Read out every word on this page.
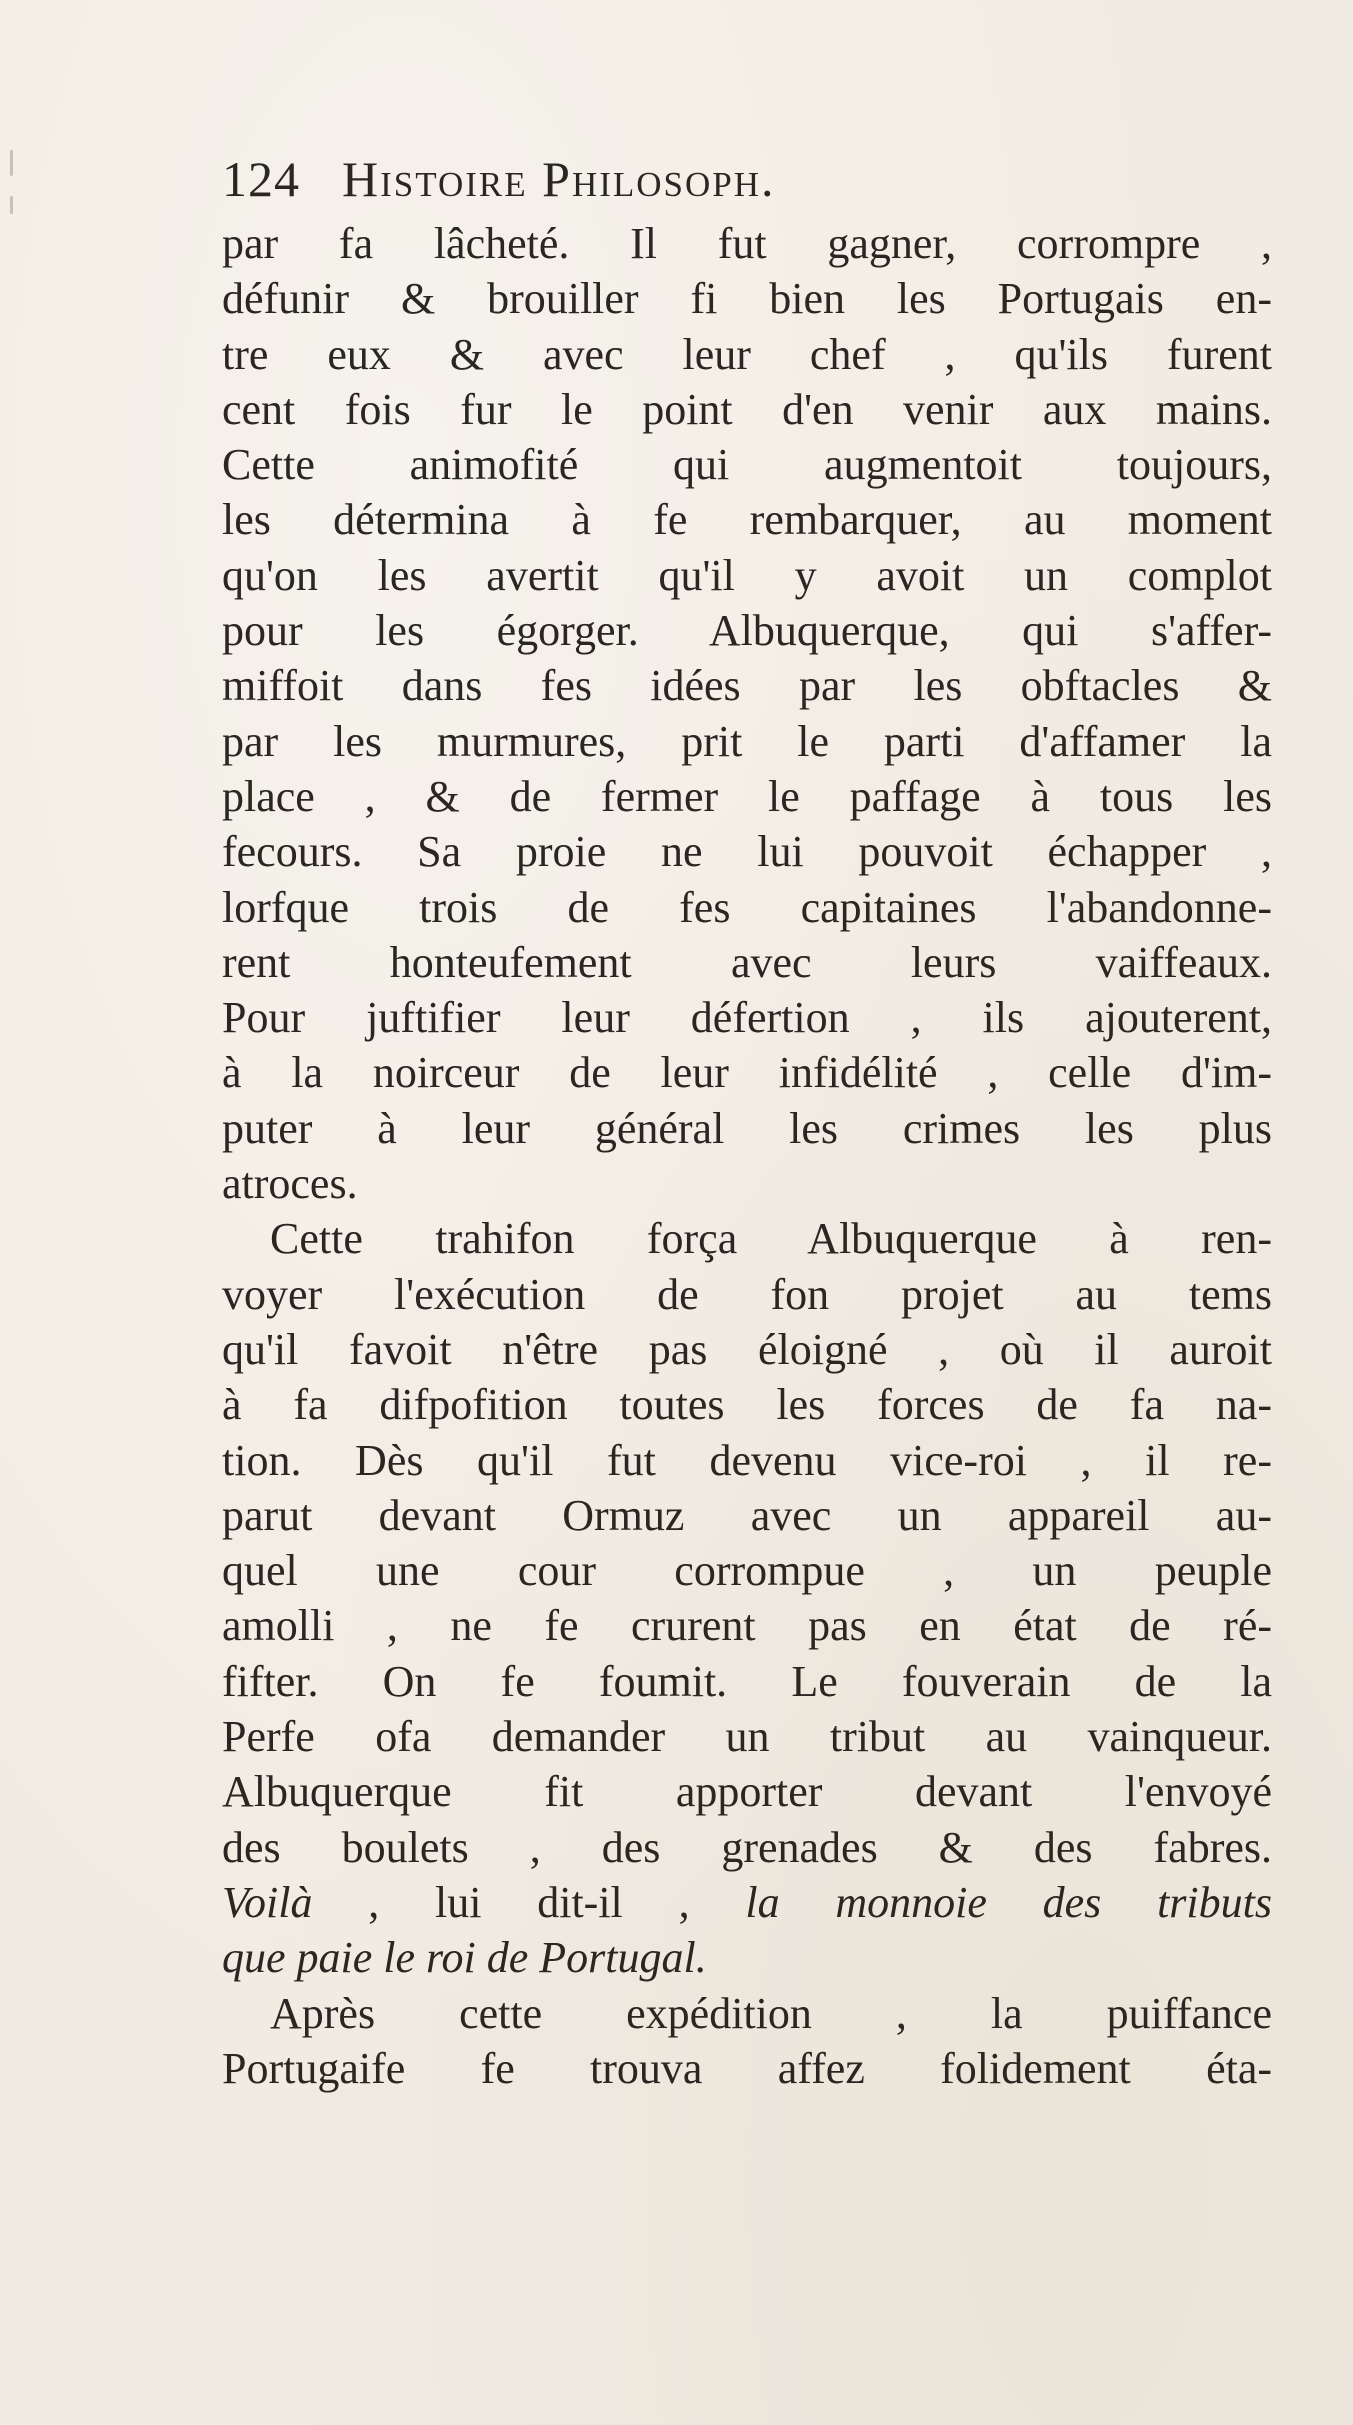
124 Histoire Philosoph.
par fa lâcheté. Il fut gagner, corrompre ,
défunir & brouiller fi bien les Portugais en-
tre eux & avec leur chef , qu'ils furent
cent fois fur le point d'en venir aux mains.
Cette animofité qui augmentoit toujours,
les détermina à fe rembarquer, au moment
qu'on les avertit qu'il y avoit un complot
pour les égorger. Albuquerque, qui s'affer-
miffoit dans fes idées par les obftacles &
par les murmures, prit le parti d'affamer la
place , & de fermer le paffage à tous les
fecours. Sa proie ne lui pouvoit échapper ,
lorfque trois de fes capitaines l'abandonne-
rent honteufement avec leurs vaiffeaux.
Pour juftifier leur défertion , ils ajouterent,
à la noirceur de leur infidélité , celle d'im-
puter à leur général les crimes les plus
atroces.
Cette trahifon força Albuquerque à ren-
voyer l'exécution de fon projet au tems
qu'il favoit n'être pas éloigné , où il auroit
à fa difpofition toutes les forces de fa na-
tion. Dès qu'il fut devenu vice-roi , il re-
parut devant Ormuz avec un appareil au-
quel une cour corrompue , un peuple
amolli , ne fe crurent pas en état de ré-
fifter. On fe foumit. Le fouverain de la
Perfe ofa demander un tribut au vainqueur.
Albuquerque fit apporter devant l'envoyé
des boulets , des grenades & des fabres.
Voilà , lui dit-il , la monnoie des tributs
que paie le roi de Portugal.
Après cette expédition , la puiffance
Portugaife fe trouva affez folidement éta-
